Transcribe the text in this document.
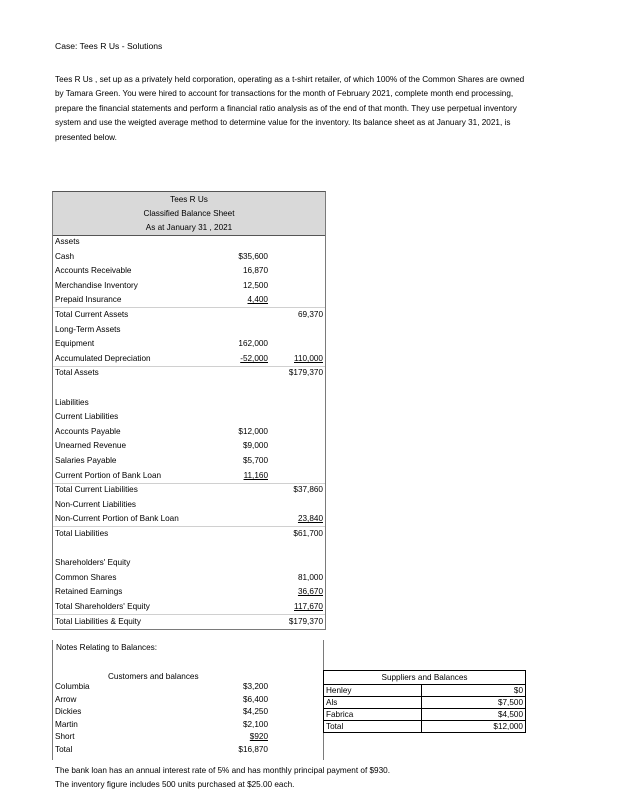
Case: Tees R Us - Solutions
Tees R Us , set up as a privately held corporation, operating as a t-shirt retailer, of which 100% of the Common Shares are owned by Tamara Green. You were hired to account for transactions for the month of February 2021, complete month end processing, prepare the financial statements and perform a financial ratio analysis as of the end of that month. They use perpetual inventory system and use the weigted average method to determine value for the inventory. Its balance sheet as at January 31, 2021, is presented below.
Tees R Us
Classified Balance Sheet
As at January 31 , 2021
Assets
Cash	$35,600
Accounts Receivable	16,870
Merchandise Inventory	12,500
Prepaid Insurance	4,400
Total Current Assets	69,370
Long-Term Assets
Equipment	162,000
Accumulated Depreciation	-52,000	110,000
Total Assets	$179,370
Liabilities
Current Liabilities
Accounts Payable	$12,000
Unearned Revenue	$9,000
Salaries Payable	$5,700
Current Portion of Bank Loan	11,160
Total Current Liabilities	$37,860
Non-Current Liabilities
Non-Current Portion of Bank Loan	23,840
Total Liabilities	$61,700
Shareholders' Equity
Common Shares	81,000
Retained Earnings	36,670
Total Shareholders' Equity	117,670
Total Liabilities & Equity	$179,370
Notes Relating to Balances:
Customers and balances
Columbia	$3,200
Arrow	$6,400
Dickies	$4,250
Martin	$2,100
Short	$920
Total	$16,870
Suppliers and Balances	
Henley	$0
Als	$7,500
Fabrica	$4,500
Total	$12,000
The bank loan has an annual interest rate of 5% and has monthly principal payment of $930.
The inventory figure includes 500 units purchased at $25.00 each.
